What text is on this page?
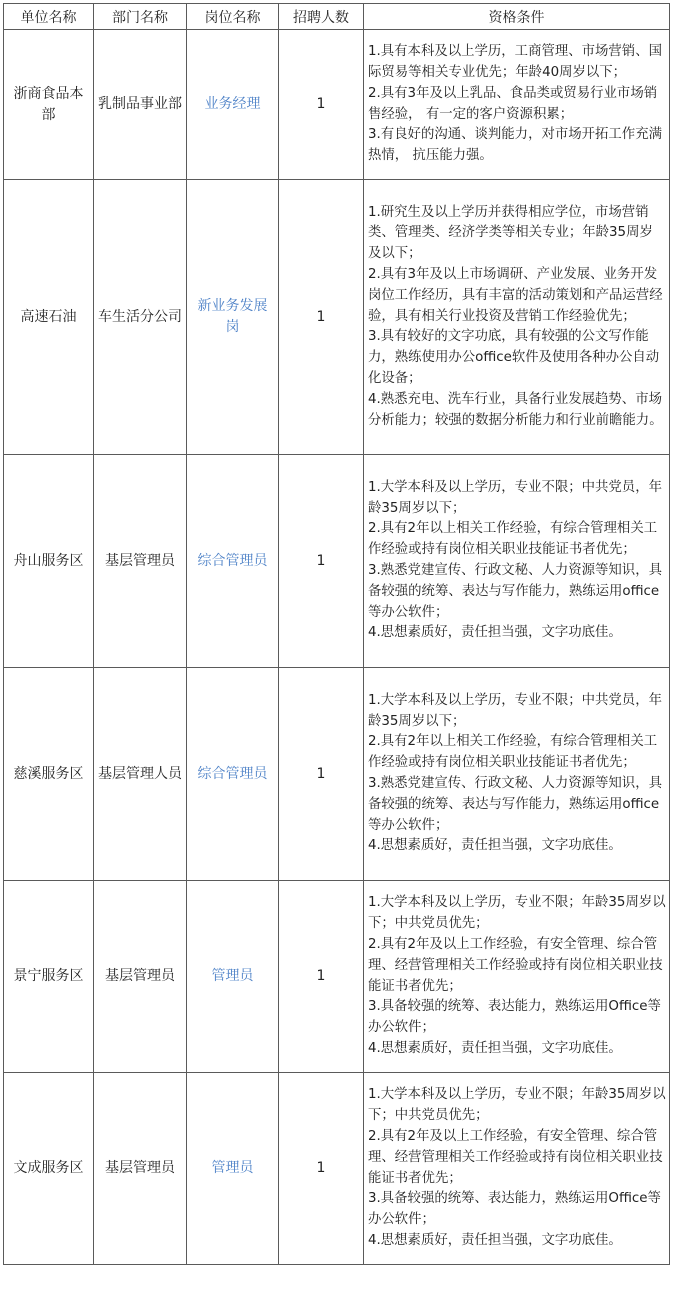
单位名称	部门名称	岗位名称	招聘人数	资格条件
浙商食品本部	乳制品事业部	业务经理	1	1.具有本科及以上学历，工商管理、市场营销、国际贸易等相关专业优先；年龄40周岁以下；
2.具有3年及以上乳品、食品类或贸易行业市场销售经验， 有一定的客户资源积累；
3.有良好的沟通、谈判能力，对市场开拓工作充满热情， 抗压能力强。

高速石油	车生活分公司	新业务发展岗	1	1.研究生及以上学历并获得相应学位，市场营销类、管理类、经济学类等相关专业；年龄35周岁及以下；
2.具有3年及以上市场调研、产业发展、业务开发岗位工作经历，具有丰富的活动策划和产品运营经验，具有相关行业投资及营销工作经验优先；
3.具有较好的文字功底，具有较强的公文写作能力，熟练使用办公office软件及使用各种办公自动化设备；
4.熟悉充电、洗车行业，具备行业发展趋势、市场分析能力；较强的数据分析能力和行业前瞻能力。

舟山服务区	基层管理员	综合管理员	1	1.大学本科及以上学历，专业不限；中共党员，年龄35周岁以下；
2.具有2年以上相关工作经验，有综合管理相关工作经验或持有岗位相关职业技能证书者优先；
3.熟悉党建宣传、行政文秘、人力资源等知识，具备较强的统筹、表达与写作能力，熟练运用office等办公软件；
4.思想素质好，责任担当强，文字功底佳。

慈溪服务区	基层管理人员	综合管理员	1	1.大学本科及以上学历，专业不限；中共党员，年龄35周岁以下；
2.具有2年以上相关工作经验，有综合管理相关工作经验或持有岗位相关职业技能证书者优先；
3.熟悉党建宣传、行政文秘、人力资源等知识，具备较强的统筹、表达与写作能力，熟练运用office等办公软件；
4.思想素质好，责任担当强，文字功底佳。

景宁服务区	基层管理员	管理员	1	1.大学本科及以上学历，专业不限；年龄35周岁以下；中共党员优先；
2.具有2年及以上工作经验，有安全管理、综合管理、经营管理相关工作经验或持有岗位相关职业技能证书者优先；
3.具备较强的统筹、表达能力，熟练运用Office等办公软件；
4.思想素质好，责任担当强，文字功底佳。

文成服务区	基层管理员	管理员	1	1.大学本科及以上学历，专业不限；年龄35周岁以下；中共党员优先；
2.具有2年及以上工作经验，有安全管理、综合管理、经营管理相关工作经验或持有岗位相关职业技能证书者优先；
3.具备较强的统筹、表达能力，熟练运用Office等办公软件；
4.思想素质好，责任担当强，文字功底佳。
